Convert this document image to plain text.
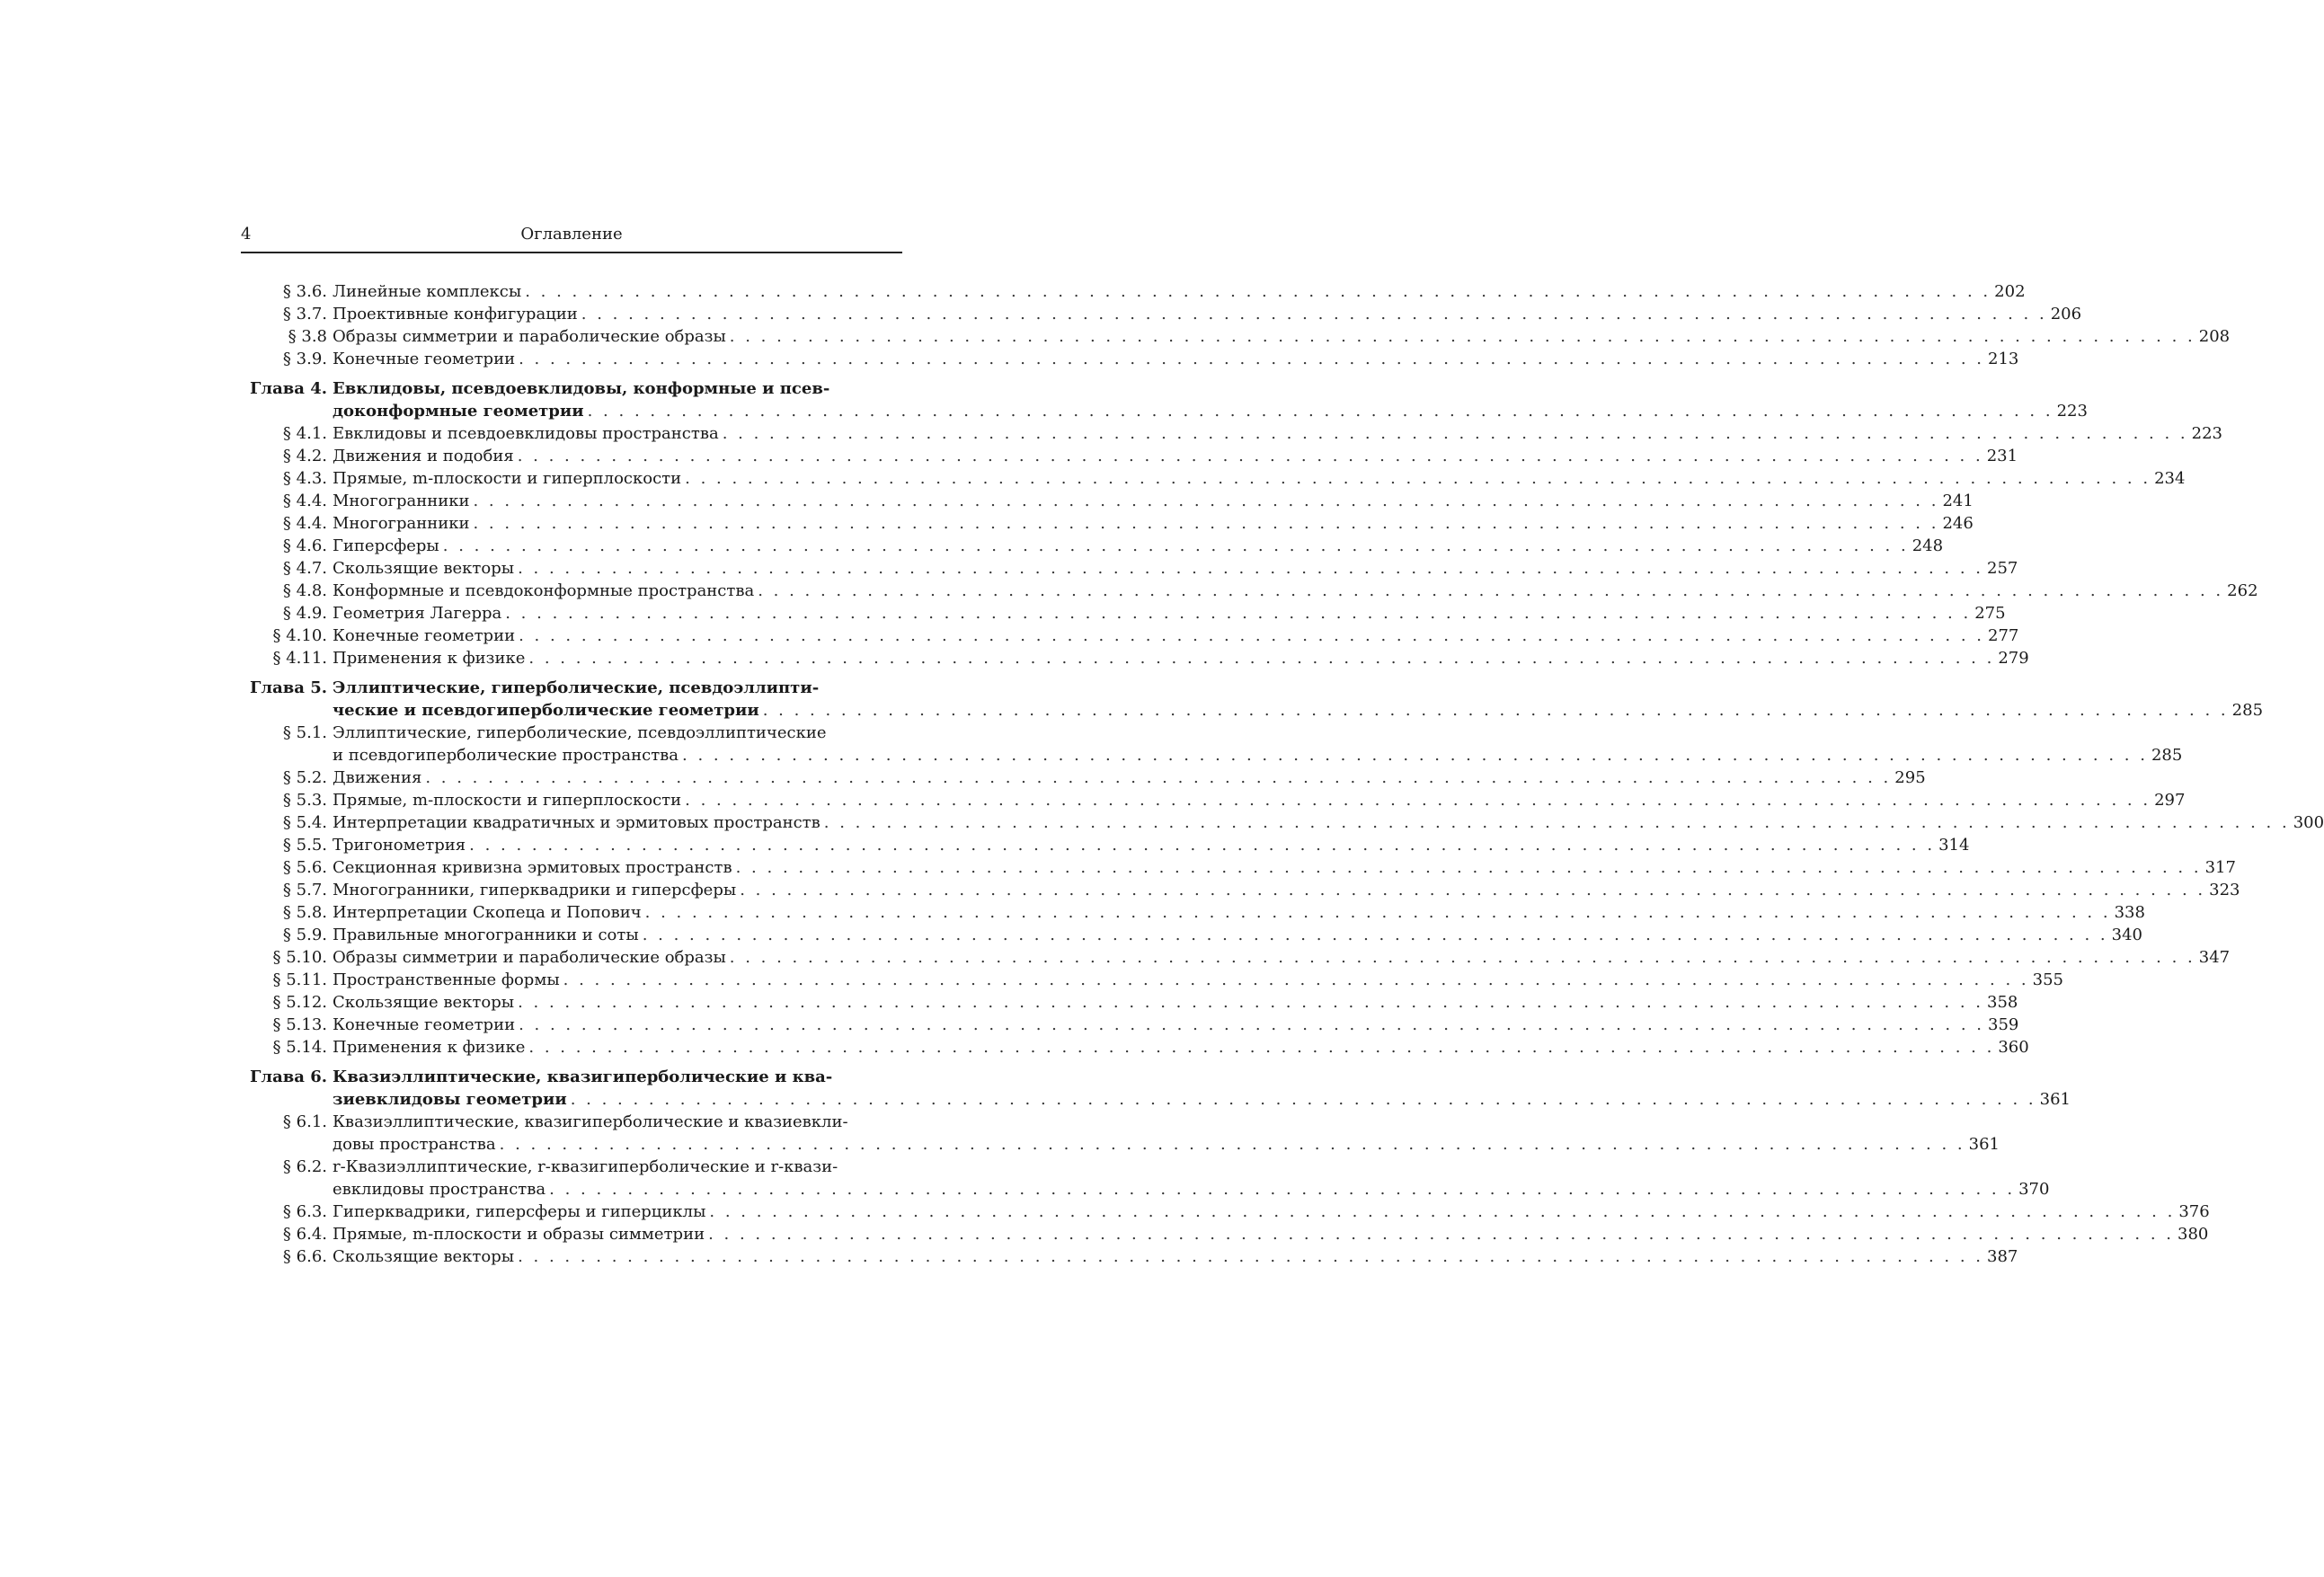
4	Оглавление
§ 3.6. Линейные комплексы . . .	202
§ 3.7. Проективные конфигурации . . .	206
§ 3.8 Образы симметрии и параболические образы . . .	208
§ 3.9. Конечные геометрии . . .	213
Глава 4. Евклидовы, псевдоевклидовы, конформные и псев-
доконформные геометрии . . .	223
§ 4.1. Евклидовы и псевдоевклидовы пространства . . .	223
§ 4.2. Движения и подобия . . .	231
§ 4.3. Прямые, m-плоскости и гиперплоскости . . .	234
§ 4.4. Многогранники . . .	241
§ 4.4. Многогранники . . .	246
§ 4.6. Гиперсферы . . .	248
§ 4.7. Скользящие векторы . . .	257
§ 4.8. Конформные и псевдоконформные пространства . . .	262
§ 4.9. Геометрия Лагерра . . .	275
§ 4.10. Конечные геометрии . . .	277
§ 4.11. Применения к физике . . .	279
Глава 5. Эллиптические, гиперболические, псевдоэллипти-
ческие и псевдогиперболические геометрии . . .	285
§ 5.1. Эллиптические, гиперболические, псевдоэллиптические
и псевдогиперболические пространства . . .	285
§ 5.2. Движения . . .	295
§ 5.3. Прямые, m-плоскости и гиперплоскости . . .	297
§ 5.4. Интерпретации квадратичных и эрмитовых пространств . . .	300
§ 5.5. Тригонометрия . . .	314
§ 5.6. Секционная кривизна эрмитовых пространств . . .	317
§ 5.7. Многогранники, гиперквадрики и гиперсферы . . .	323
§ 5.8. Интерпретации Скопеца и Попович . . .	338
§ 5.9. Правильные многогранники и соты . . .	340
§ 5.10. Образы симметрии и параболические образы . . .	347
§ 5.11. Пространственные формы . . .	355
§ 5.12. Скользящие векторы . . .	358
§ 5.13. Конечные геометрии . . .	359
§ 5.14. Применения к физике . . .	360
Глава 6. Квазиэллиптические, квазигиперболические и ква-
зиевклидовы геометрии . . .	361
§ 6.1. Квазиэллиптические, квазигиперболические и квазиевкли-
довы пространства . . .	361
§ 6.2. r-Квазиэллиптические, r-квазигиперболические и r-квази-
евклидовы пространства . . .	370
§ 6.3. Гиперквадрики, гиперсферы и гиперциклы . . .	376
§ 6.4. Прямые, m-плоскости и образы симметрии . . .	380
§ 6.6. Скользящие векторы . . .	387
